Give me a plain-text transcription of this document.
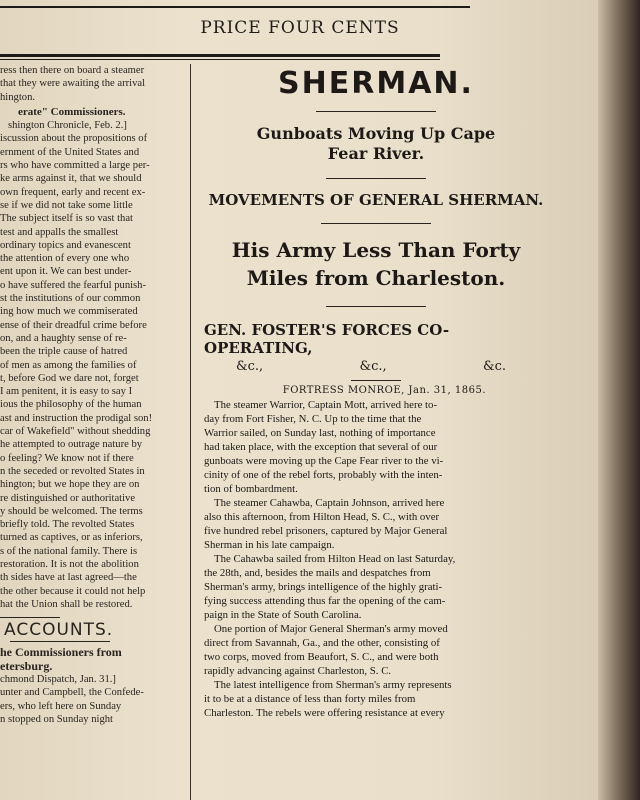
PRICE FOUR CENTS

ress then there on board a steamer

that they were awaiting the arrival

hington.

erate" Commissioners.

shington Chronicle, Feb. 2.]

iscussion about the propositions of

ernment of the United States and

rs who have committed a large per-

ke arms against it, that we should

own frequent, early and recent ex-

se if we did not take some little

The subject itself is so vast that

test and appalls the smallest

ordinary topics and evanescent

the attention of every one who

ent upon it. We can best under-

o have suffered the fearful punish-

st the institutions of our common

ing how much we commiserated

ense of their dreadful crime before

on, and a haughty sense of re-

been the triple cause of hatred

of men as among the families of

t, before God we dare not, forget

I am penitent, it is easy to say I

ious the philosophy of the human

ast and instruction the prodigal son!

car of Wakefield" without shedding

he attempted to outrage nature by

o feeling? We know not if there

n the seceded or revolted States in

hington; but we hope they are on

re distinguished or authoritative

y should be welcomed. The terms

briefly told. The revolted States

turned as captives, or as inferiors,

s of the national family. There is

restoration. It is not the abolition

th sides have at last agreed—the

the other because it could not help

hat the Union shall be restored.

ACCOUNTS.

he Commissioners from

etersburg.

chmond Dispatch, Jan. 31.]

unter and Campbell, the Confede-

ers, who left here on Sunday

n stopped on Sunday night

SHERMAN.
Gunboats Moving Up Cape
Fear River.
MOVEMENTS OF GENERAL SHERMAN.
His Army Less Than Forty
Miles from Charleston.
GEN. FOSTER'S FORCES CO-OPERATING,
&c.,	&c.,	&c.
FORTRESS MONROE, Jan. 31, 1865.

The steamer Warrior, Captain Mott, arrived here to-

day from Fort Fisher, N. C. Up to the time that the

Warrior sailed, on Sunday last, nothing of importance

had taken place, with the exception that several of our

gunboats were moving up the Cape Fear river to the vi-

cinity of one of the rebel forts, probably with the inten-

tion of bombardment.

The steamer Cahawba, Captain Johnson, arrived here

also this afternoon, from Hilton Head, S. C., with over

five hundred rebel prisoners, captured by Major General

Sherman in his late campaign.

The Cahawba sailed from Hilton Head on last Saturday,

the 28th, and, besides the mails and despatches from

Sherman's army, brings intelligence of the highly grati-

fying success attending thus far the opening of the cam-

paign in the State of South Carolina.

One portion of Major General Sherman's army moved

direct from Savannah, Ga., and the other, consisting of

two corps, moved from Beaufort, S. C., and were both

rapidly advancing against Charleston, S. C.

The latest intelligence from Sherman's army represents

it to be at a distance of less than forty miles from

Charleston. The rebels were offering resistance at every
